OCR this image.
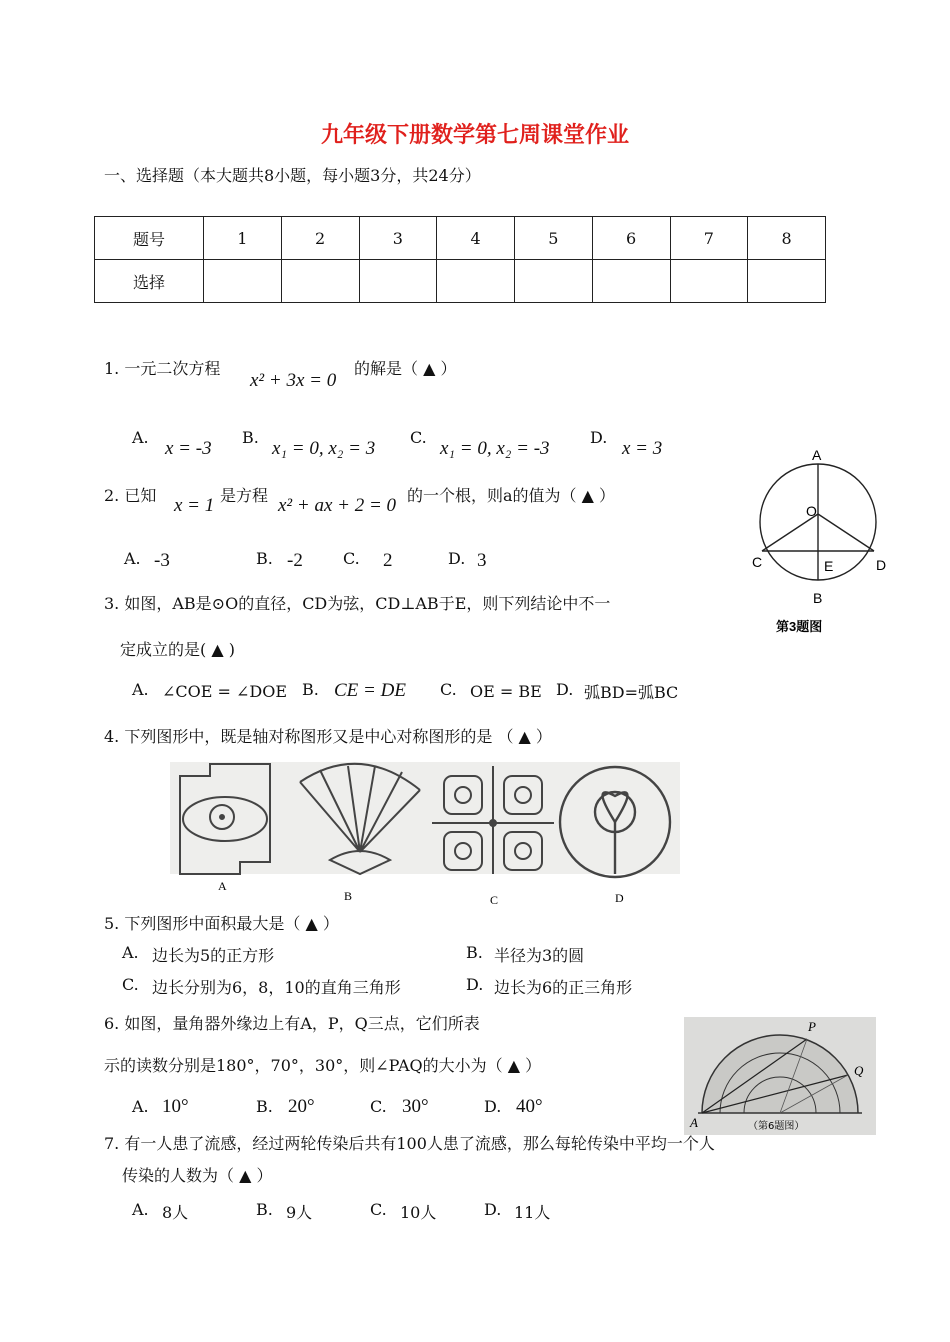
九年级下册数学第七周课堂作业
一、选择题（本大题共8小题，每小题3分，共24分）
题号	1	2	3	4	5	6	7	8
选择								
1. 一元二次方程
x² + 3x = 0
的解是（ ▲ ）
A.
x = -3
B.
x₁ = 0, x₂ = 3
C.
x₁ = 0, x₂ = -3
D.
x = 3
2. 已知 x = 1 是方程 x² + ax + 2 = 0 的一个根，则a的值为（ ▲ ）
A. -3	B. -2	C. 2	D. 3
A
O
C	E	D
B
第3题图
3. 如图，AB是⊙O的直径，CD为弦，CD⊥AB于E，则下列结论中不一
定成立的是( ▲ )
A. ∠COE = ∠DOE B. CE = DE C. OE = BE D. 弧BD=弧BC
4. 下列图形中，既是轴对称图形又是中心对称图形的是 （ ▲ ）
A
B	C	D
5. 下列图形中面积最大是（ ▲ ）
A. 边长为5的正方形	B. 半径为3的圆
C. 边长分别为6，8，10的直角三角形	D. 边长为6的正三角形
P
Q
A	（第6题图）
6. 如图，量角器外缘边上有A，P，Q三点，它们所表
示的读数分别是180°，70°，30°，则∠PAQ的大小为（ ▲ ）
A. 10°	B. 20°	C. 30°	D. 40°
7. 有一人患了流感，经过两轮传染后共有100人患了流感，那么每轮传染中平均一个人
传染的人数为（ ▲ ）
A. 8人	B. 9人	C. 10人	D. 11人
